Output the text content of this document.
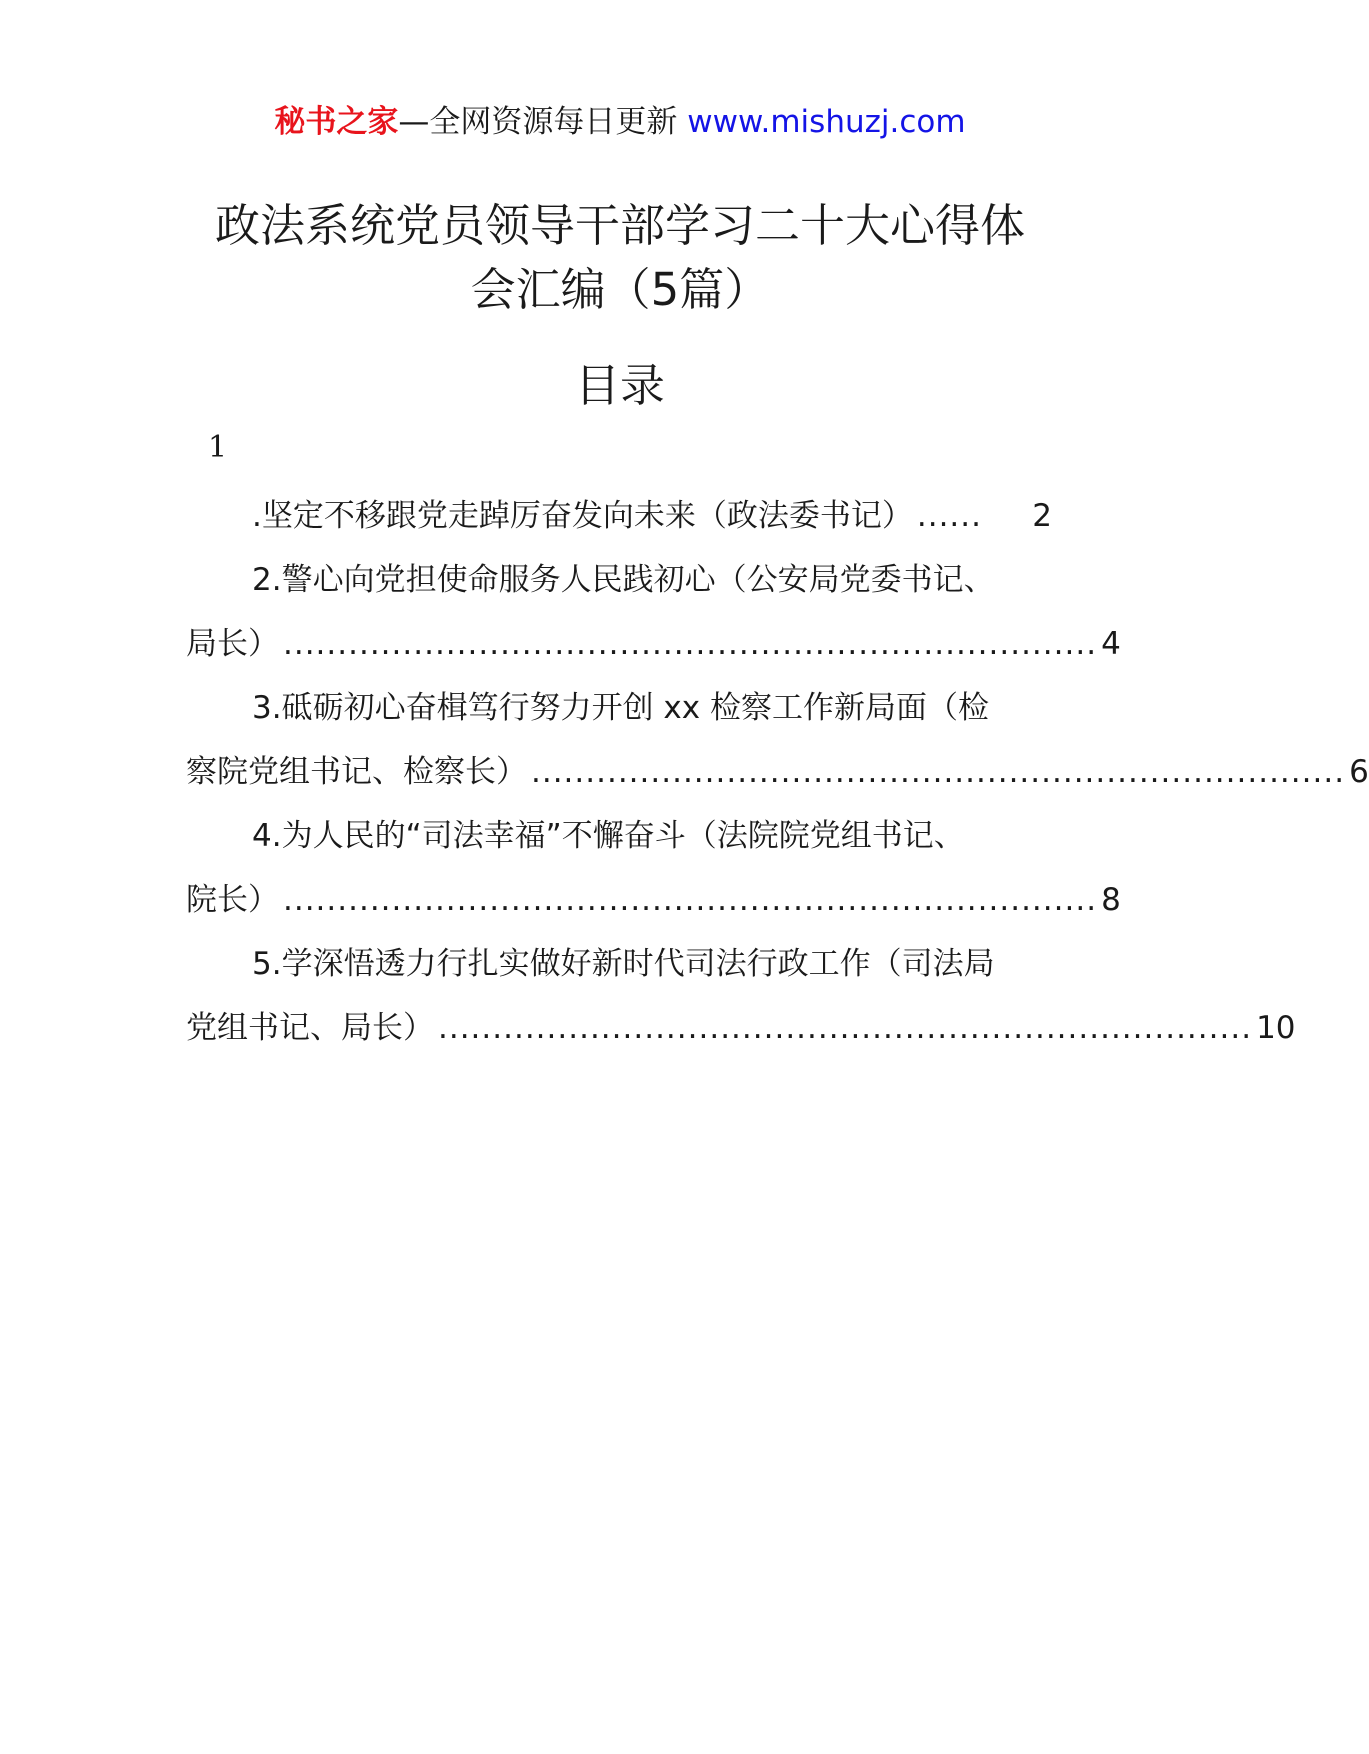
秘书之家—全网资源每日更新 www.mishuzj.com
政法系统党员领导干部学习二十大心得体
会汇编（5篇）
目录
1
.坚定不移跟党走踔厉奋发向未来（政法委书记） ......	2
2.警心向党担使命服务人民践初心（公安局党委书记、
局长） ........................................................................... 4
3.砥砺初心奋楫笃行努力开创 xx 检察工作新局面（检
察院党组书记、检察长） ........................................................................... 6
4.为人民的“司法幸福”不懈奋斗（法院院党组书记、
院长） ........................................................................... 8
5.学深悟透力行扎实做好新时代司法行政工作（司法局
党组书记、局长） ........................................................................... 10
